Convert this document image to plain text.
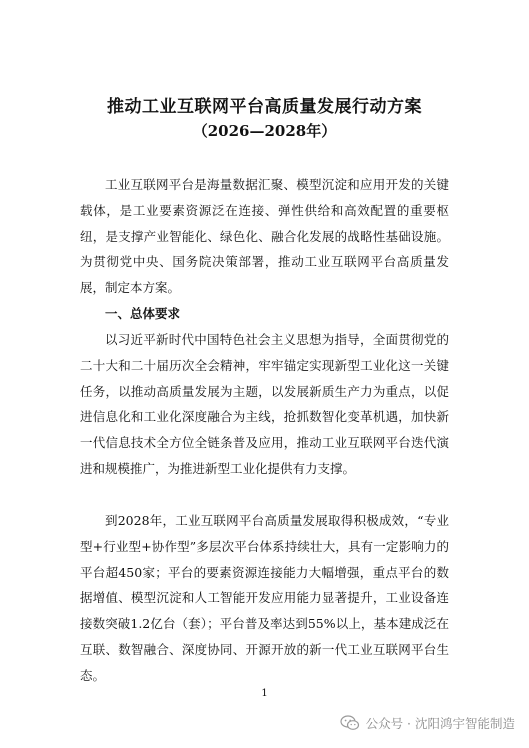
推动工业互联网平台高质量发展行动方案
（2026—2028年）

工业互联网平台是海量数据汇聚、模型沉淀和应用开发的关键载体，是工业要素资源泛在连接、弹性供给和高效配置的重要枢纽，是支撑产业智能化、绿色化、融合化发展的战略性基础设施。为贯彻党中央、国务院决策部署，推动工业互联网平台高质量发展，制定本方案。

一、总体要求

以习近平新时代中国特色社会主义思想为指导，全面贯彻党的二十大和二十届历次全会精神，牢牢锚定实现新型工业化这一关键任务，以推动高质量发展为主题，以发展新质生产力为重点，以促进信息化和工业化深度融合为主线，抢抓数智化变革机遇，加快新一代信息技术全方位全链条普及应用，推动工业互联网平台迭代演进和规模推广，为推进新型工业化提供有力支撑。

到2028年，工业互联网平台高质量发展取得积极成效，“专业型+行业型+协作型”多层次平台体系持续壮大，具有一定影响力的平台超450家；平台的要素资源连接能力大幅增强，重点平台的数据增值、模型沉淀和人工智能开发应用能力显著提升，工业设备连接数突破1.2亿台（套）；平台普及率达到55%以上，基本建成泛在互联、数智融合、深度协同、开源开放的新一代工业互联网平台生态。

1
公众号 · 沈阳鸿宇智能制造
